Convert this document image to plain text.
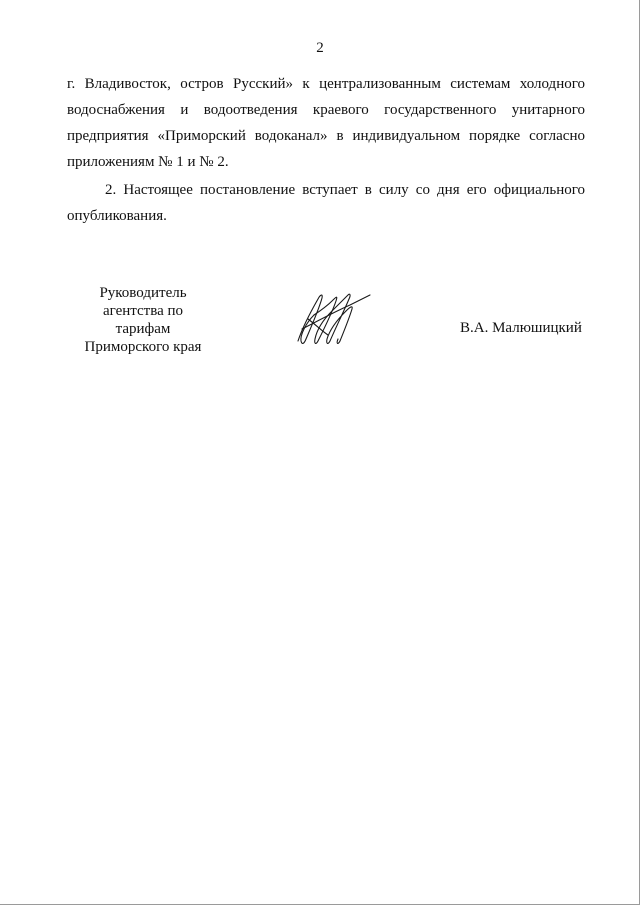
2
г. Владивосток, остров Русский» к централизованным системам холодного
водоснабжения и водоотведения краевого государственного унитарного
предприятия «Приморский водоканал» в индивидуальном порядке согласно
приложениям № 1 и № 2.
2. Настоящее постановление вступает в силу со дня его официального
опубликования.
Руководитель
агентства по тарифам
Приморского края
В.А. Малюшицкий
